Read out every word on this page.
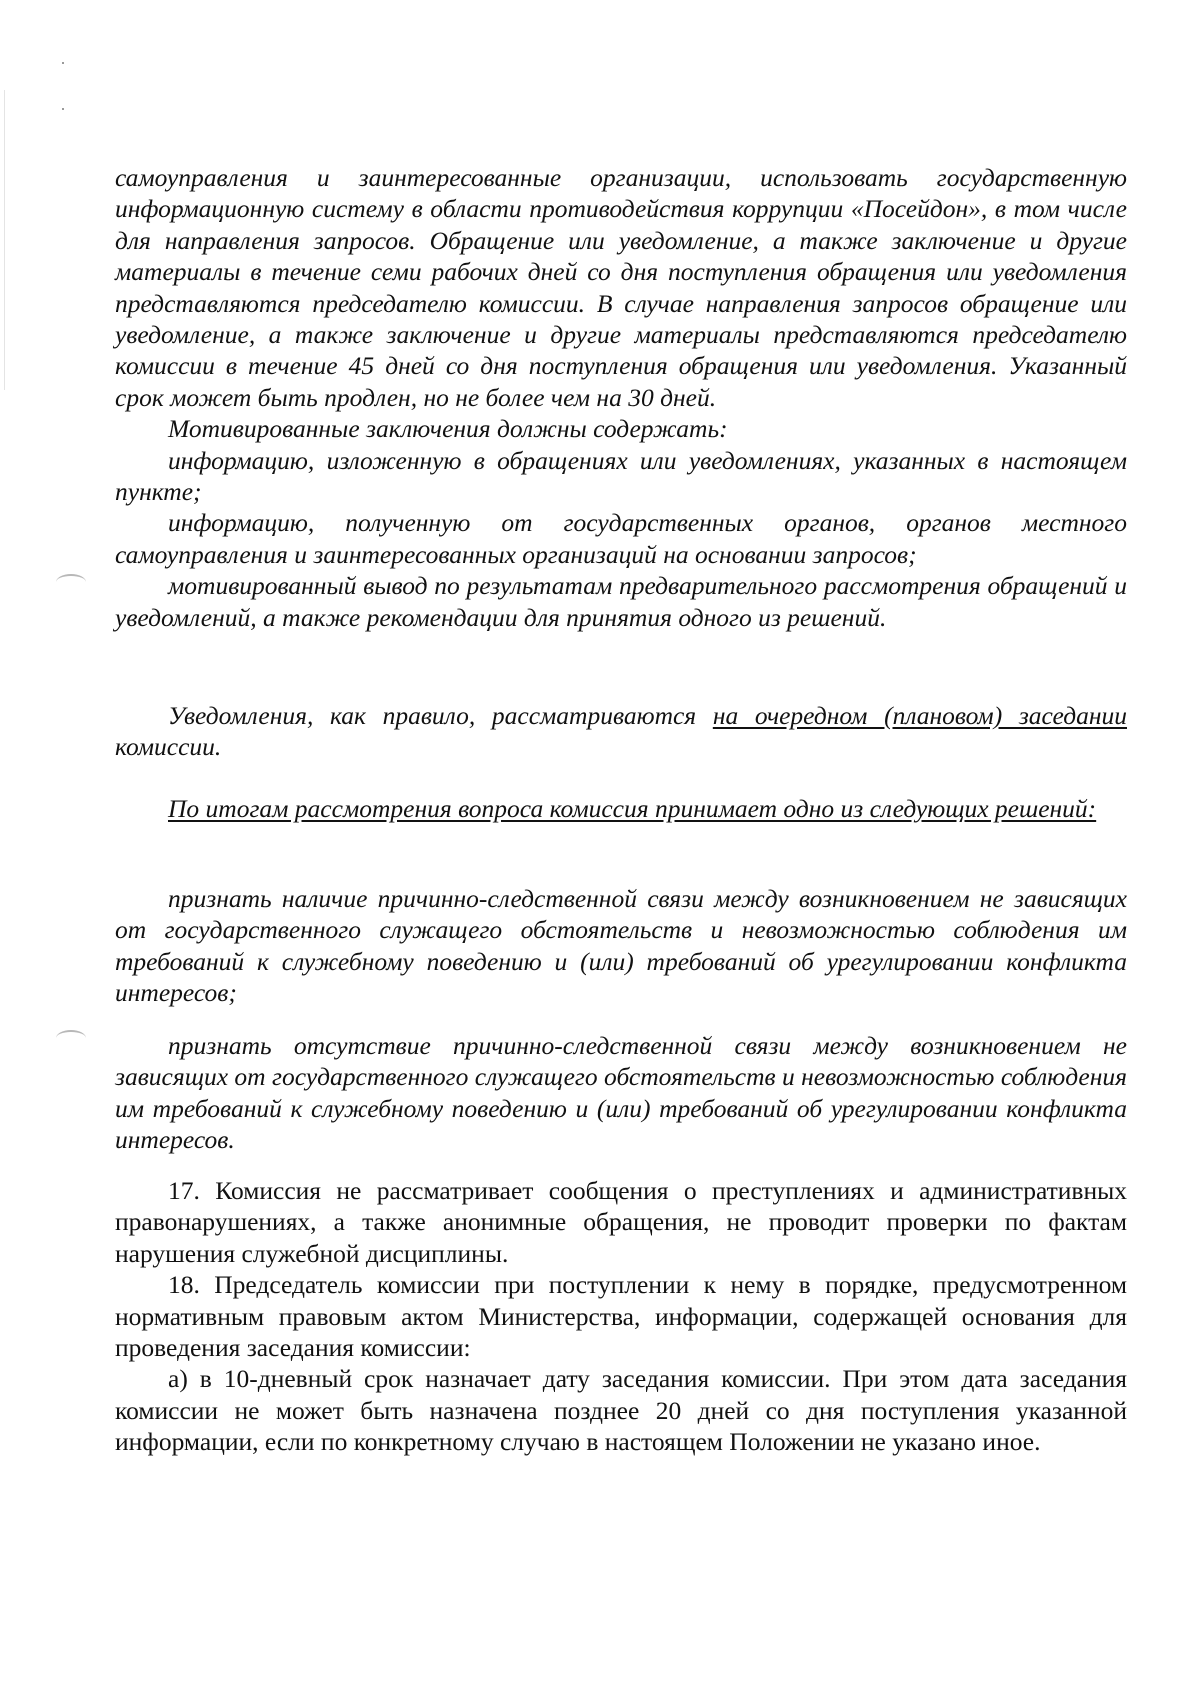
самоуправления и заинтересованные организации, использовать государственную информационную систему в области противодействия коррупции «Посейдон», в том числе для направления запросов. Обращение или уведомление, а также заключение и другие материалы в течение семи рабочих дней со дня поступления обращения или уведомления представляются председателю комиссии. В случае направления запросов обращение или уведомление, а также заключение и другие материалы представляются председателю комиссии в течение 45 дней со дня поступления обращения или уведомления. Указанный срок может быть продлен, но не более чем на 30 дней.

Мотивированные заключения должны содержать:

информацию, изложенную в обращениях или уведомлениях, указанных в настоящем пункте;

информацию, полученную от государственных органов, органов местного самоуправления и заинтересованных организаций на основании запросов;

мотивированный вывод по результатам предварительного рассмотрения обращений и уведомлений, а также рекомендации для принятия одного из решений.

Уведомления, как правило, рассматриваются на очередном (плановом) заседании комиссии.

По итогам рассмотрения вопроса комиссия принимает одно из следующих решений:

признать наличие причинно-следственной связи между возникновением не зависящих от государственного служащего обстоятельств и невозможностью соблюдения им требований к служебному поведению и (или) требований об урегулировании конфликта интересов;

признать отсутствие причинно-следственной связи между возникновением не зависящих от государственного служащего обстоятельств и невозможностью соблюдения им требований к служебному поведению и (или) требований об урегулировании конфликта интересов.

17. Комиссия не рассматривает сообщения о преступлениях и административных правонарушениях, а также анонимные обращения, не проводит проверки по фактам нарушения служебной дисциплины.

18. Председатель комиссии при поступлении к нему в порядке, предусмотренном нормативным правовым актом Министерства, информации, содержащей основания для проведения заседания комиссии:

а) в 10-дневный срок назначает дату заседания комиссии. При этом дата заседания комиссии не может быть назначена позднее 20 дней со дня поступления указанной информации, если по конкретному случаю в настоящем Положении не указано иное.
